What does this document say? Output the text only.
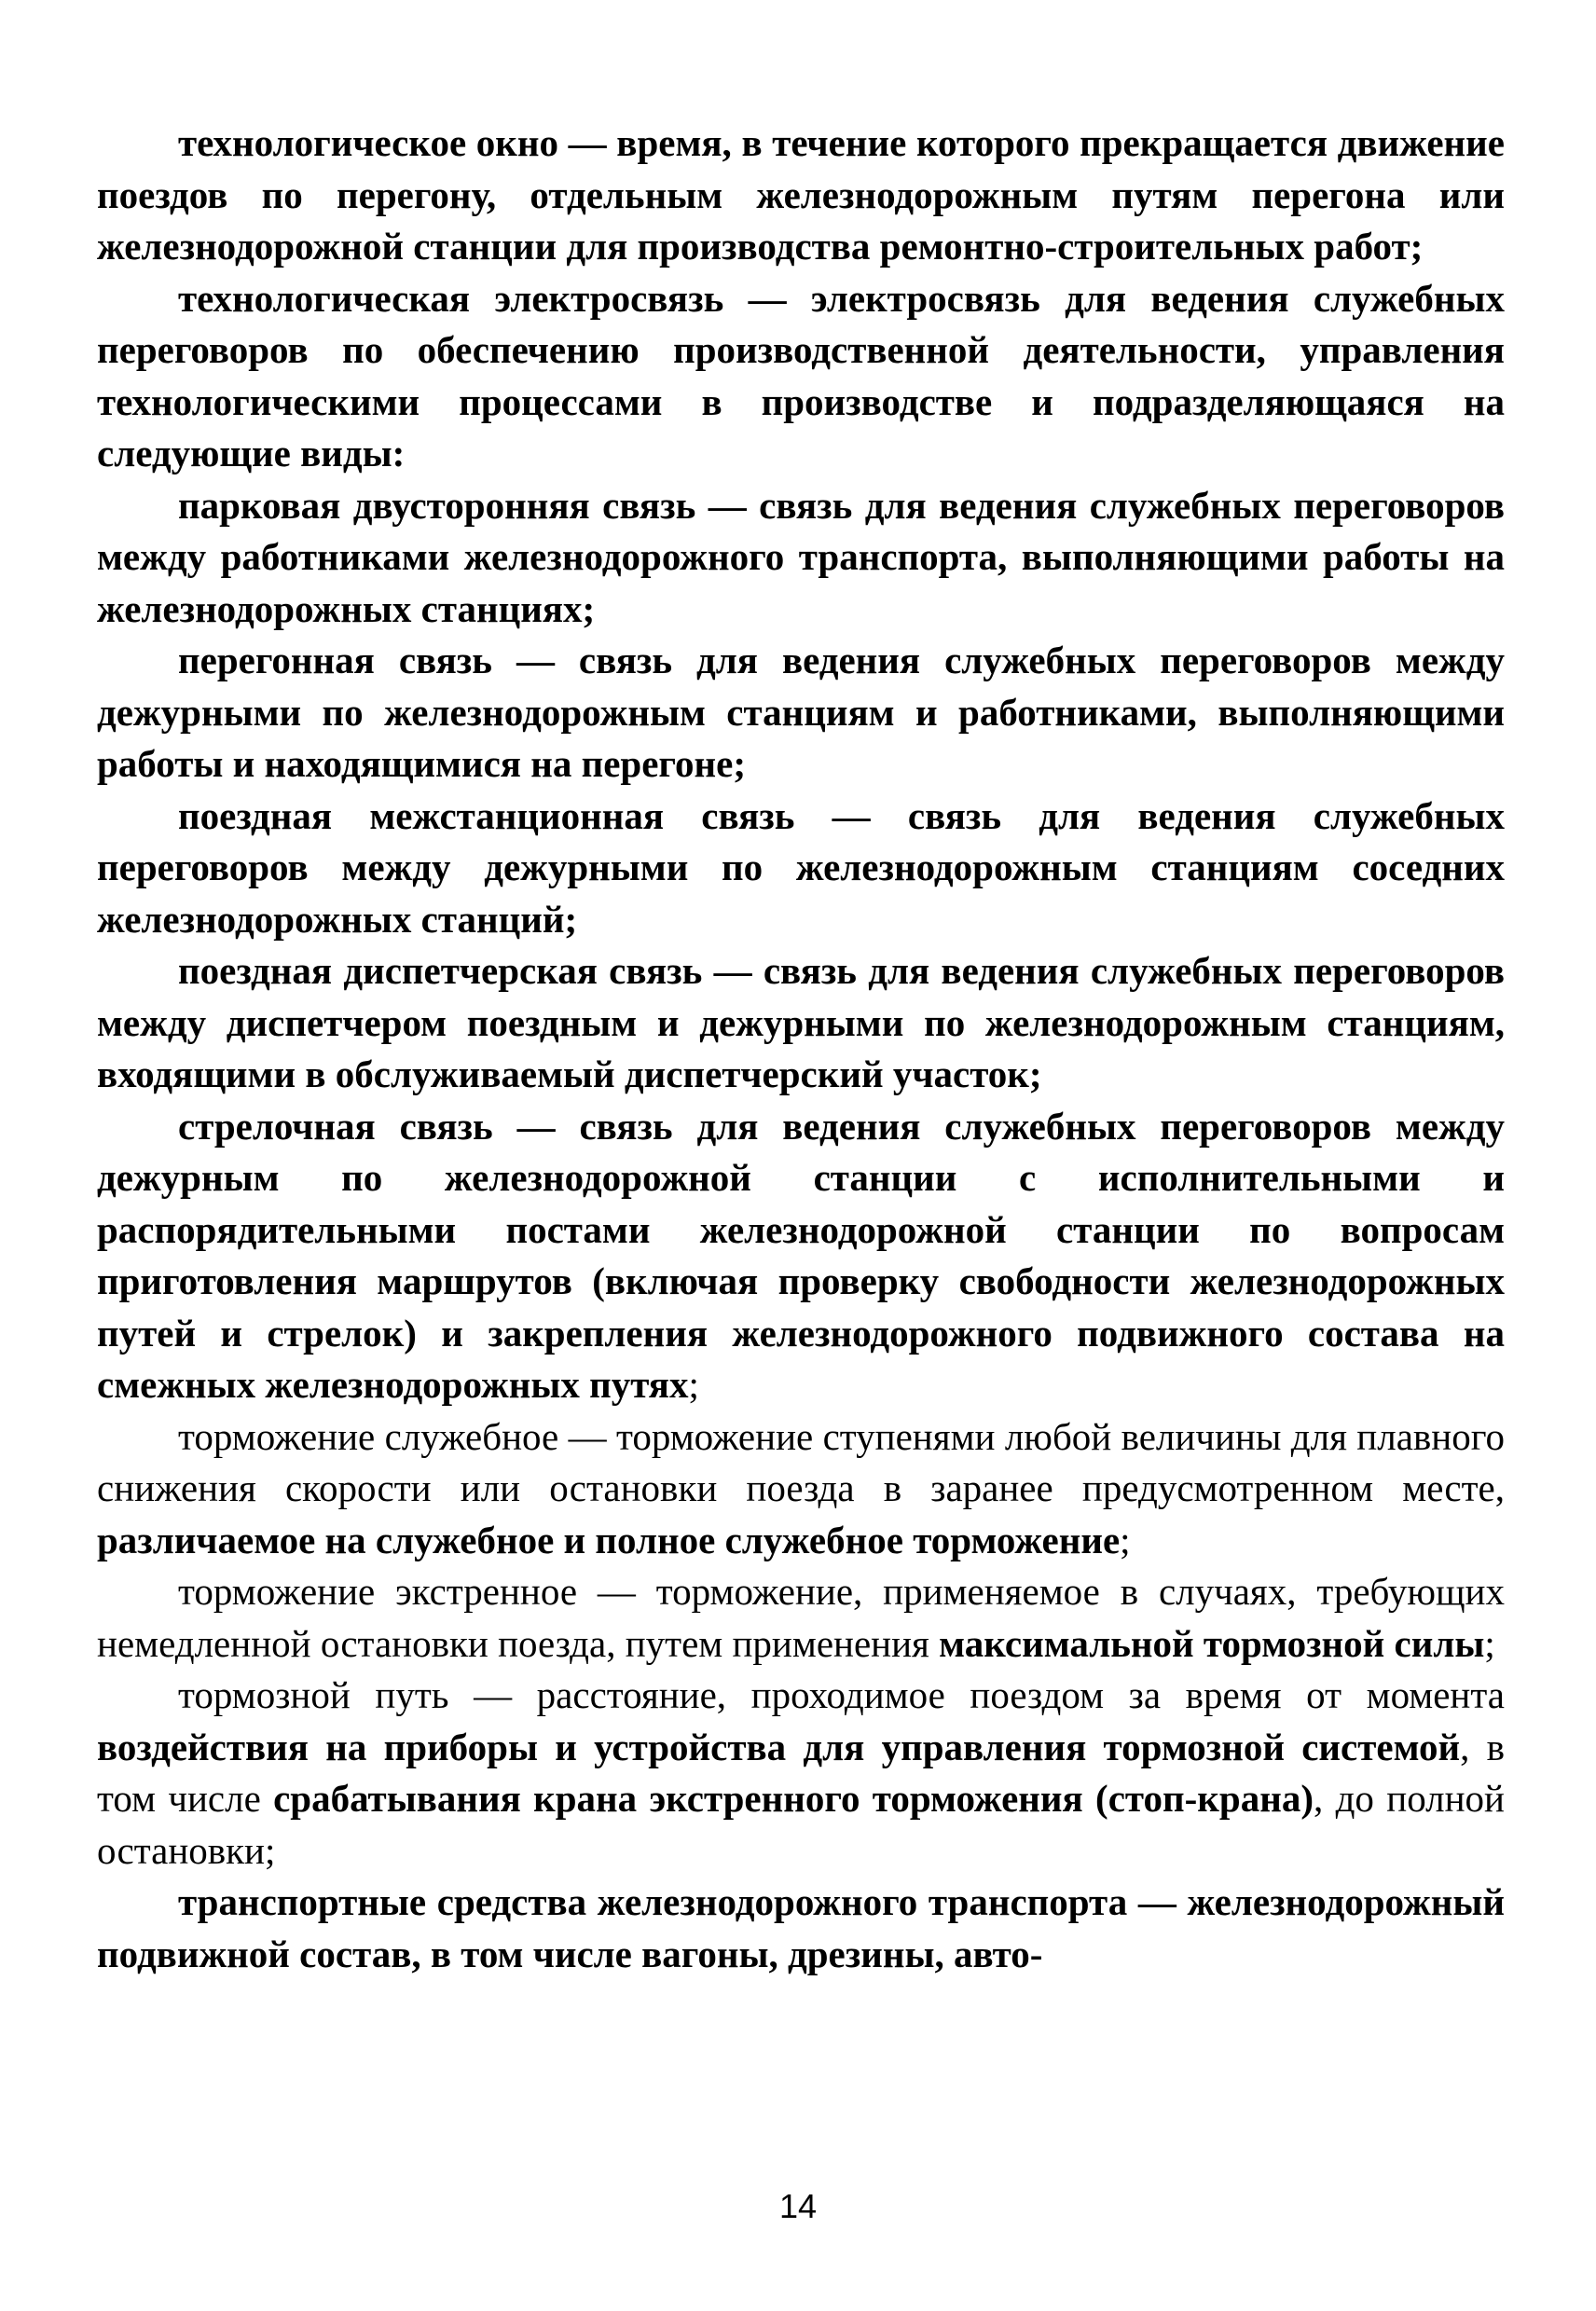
технологическое окно — время, в течение которого прекращается движение поездов по перегону, отдельным железнодорожным путям перегона или железнодорожной станции для производства ремонтно-строительных работ;

технологическая электросвязь — электросвязь для ведения служебных переговоров по обеспечению производственной деятельности, управления технологическими процессами в производстве и подразделяющаяся на следующие виды:

парковая двусторонняя связь — связь для ведения служебных переговоров между работниками железнодорожного транспорта, выполняющими работы на железнодорожных станциях;

перегонная связь — связь для ведения служебных переговоров между дежурными по железнодорожным станциям и работниками, выполняющими работы и находящимися на перегоне;

поездная межстанционная связь — связь для ведения служебных переговоров между дежурными по железнодорожным станциям соседних железнодорожных станций;

поездная диспетчерская связь — связь для ведения служебных переговоров между диспетчером поездным и дежурными по железнодорожным станциям, входящими в обслуживаемый диспетчерский участок;

стрелочная связь — связь для ведения служебных переговоров между дежурным по железнодорожной станции с исполнительными и распорядительными постами железнодорожной станции по вопросам приготовления маршрутов (включая проверку свободности железнодорожных путей и стрелок) и закрепления железнодорожного подвижного состава на смежных железнодорожных путях;

торможение служебное — торможение ступенями любой величины для плавного снижения скорости или остановки поезда в заранее предусмотренном месте, различаемое на служебное и полное служебное торможение;

торможение экстренное — торможение, применяемое в случаях, требующих немедленной остановки поезда, путем применения максимальной тормозной силы;

тормозной путь — расстояние, проходимое поездом за время от момента воздействия на приборы и устройства для управления тормозной системой, в том числе срабатывания крана экстренного торможения (стоп-крана), до полной остановки;

транспортные средства железнодорожного транспорта — железнодорожный подвижной состав, в том числе вагоны, дрезины, авто-

14
